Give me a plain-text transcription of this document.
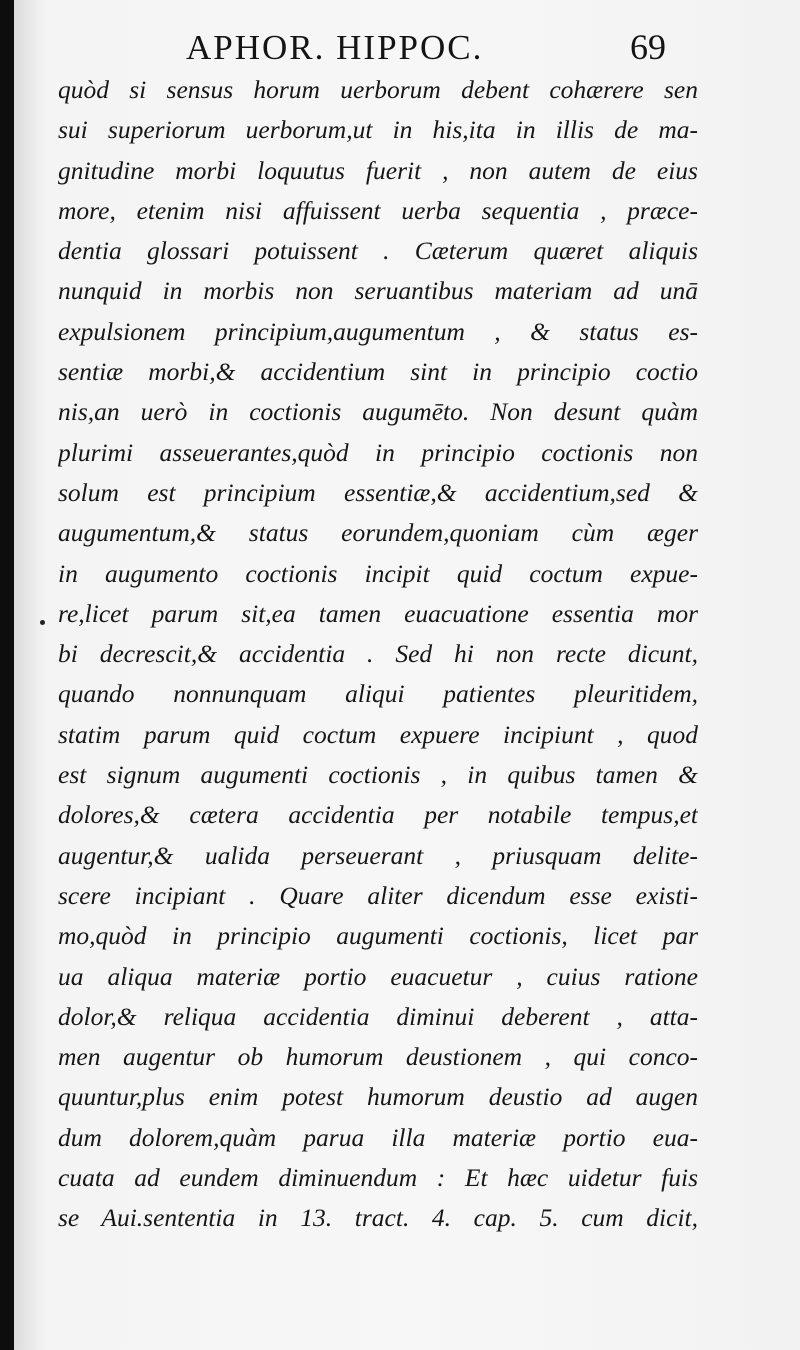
APHOR. HIPPOC.	69
quòd si sensus horum uerborum debent cohærere sen
sui superiorum uerborum,ut in his,ita in illis de ma-
gnitudine morbi loquutus fuerit , non autem de eius
more, etenim nisi affuissent uerba sequentia , præce-
dentia glossari potuissent . Cæterum quæret aliquis
nunquid in morbis non seruantibus materiam ad unā
expulsionem principium,augumentum , & status es-
sentiæ morbi,& accidentium sint in principio coctio
nis,an uerò in coctionis augumēto. Non desunt quàm
plurimi asseuerantes,quòd in principio coctionis non
solum est principium essentiæ,& accidentium,sed &
augumentum,& status eorundem,quoniam cùm æger
in augumento coctionis incipit quid coctum expue-
re,licet parum sit,ea tamen euacuatione essentia mor
bi decrescit,& accidentia . Sed hi non recte dicunt,
quando nonnunquam aliqui patientes pleuritidem,
statim parum quid coctum expuere incipiunt , quod
est signum augumenti coctionis , in quibus tamen &
dolores,& cætera accidentia per notabile tempus,et
augentur,& ualida perseuerant , priusquam delite-
scere incipiant . Quare aliter dicendum esse existi-
mo,quòd in principio augumenti coctionis, licet par
ua aliqua materiæ portio euacuetur , cuius ratione
dolor,& reliqua accidentia diminui deberent , atta-
men augentur ob humorum deustionem , qui conco-
quuntur,plus enim potest humorum deustio ad augen
dum dolorem,quàm parua illa materiæ portio eua-
cuata ad eundem diminuendum : Et hæc uidetur fuis
se Aui.sententia in 13. tract. 4. cap. 5. cum dicit,
